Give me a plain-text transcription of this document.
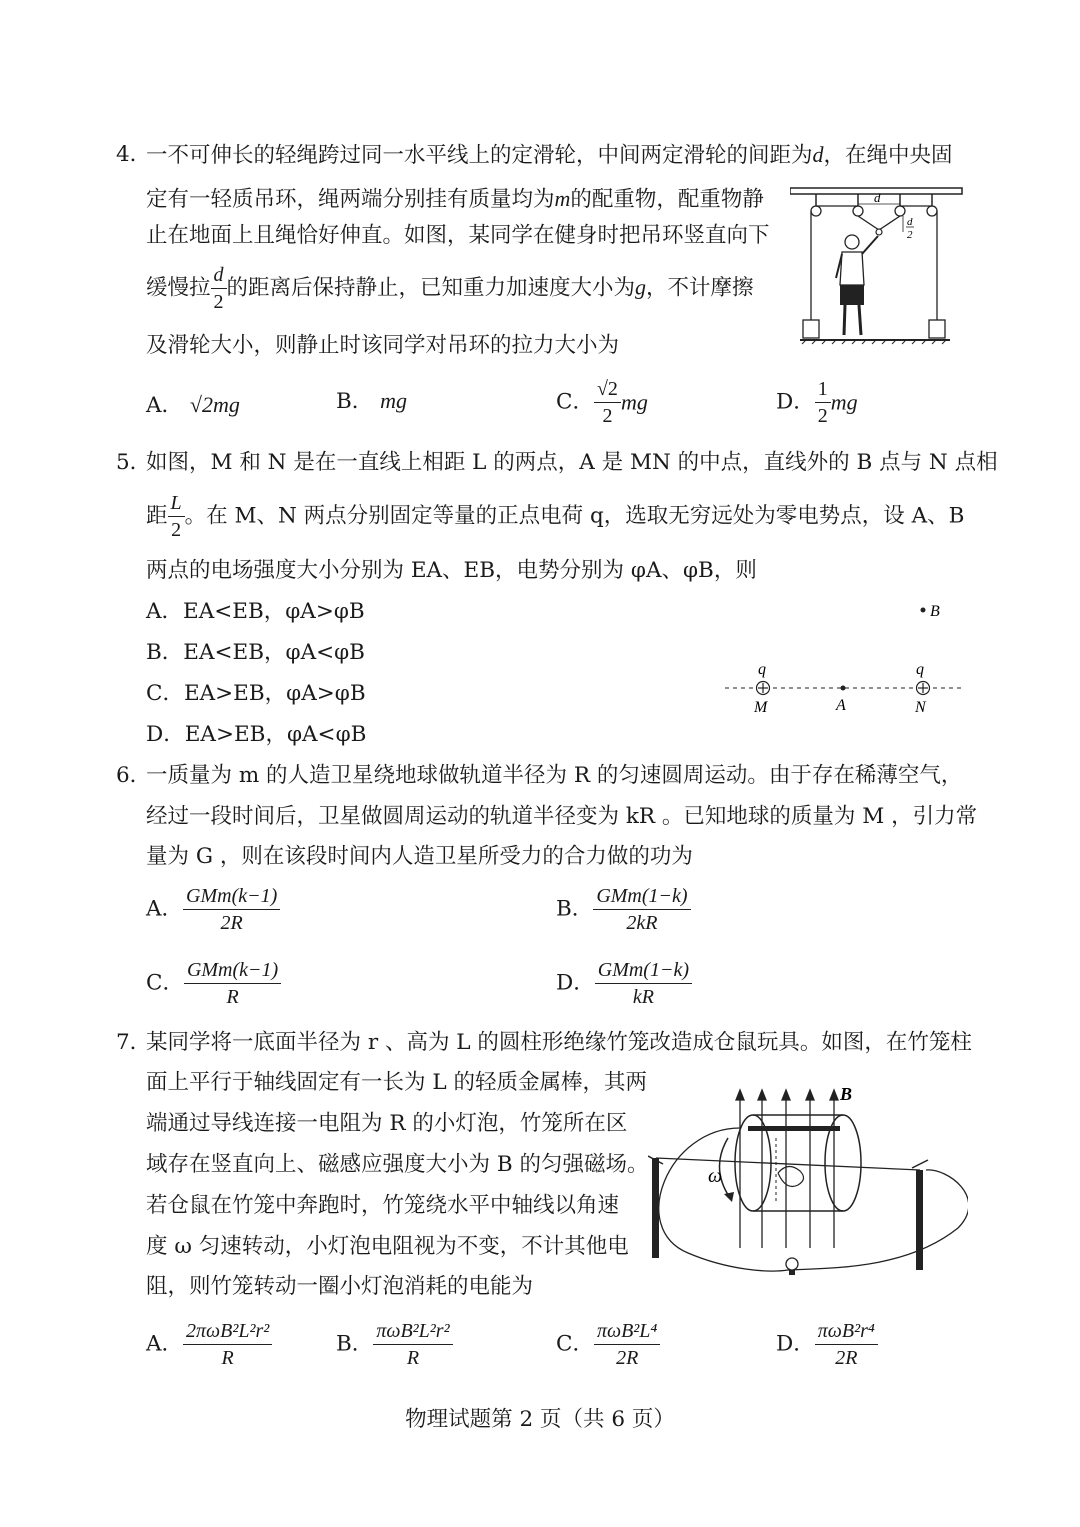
4．
一不可伸长的轻绳跨过同一水平线上的定滑轮，中间两定滑轮的间距为d，在绳中央固
定有一轻质吊环，绳两端分别挂有质量均为m的配重物，配重物静
止在地面上且绳恰好伸直。如图，某同学在健身时把吊环竖直向下
缓慢拉 $\frac{d}{2}$ 的距离后保持静止，已知重力加速度大小为g，不计摩擦
及滑轮大小，则静止时该同学对吊环的拉力大小为
A． √2mg	B． mg	C． $\frac{√2}{2}$ mg	D． $\frac{1}{2}$ mg
d
d
2
5．
如图，M 和 N 是在一直线上相距 L 的两点，A 是 MN 的中点，直线外的 B 点与 N 点相
距 $\frac{L}{2}$ 。在 M、N 两点分别固定等量的正点电荷 q，选取无穷远处为零电势点，设 A、B
两点的电场强度大小分别为 EA、EB，电势分别为 φA、φB，则
A．EA<EB，φA>φB
B．EA<EB，φA<φB
C．EA>EB，φA>φB
D．EA>EB，φA<φB
B
q
M	A
q
N
6．
一质量为 m 的人造卫星绕地球做轨道半径为 R 的匀速圆周运动。由于存在稀薄空气，
经过一段时间后，卫星做圆周运动的轨道半径变为 kR 。已知地球的质量为 M ，引力常
量为 G ，则在该段时间内人造卫星所受力的合力做的功为
A． $\frac{\text{GMm(k−1)}}{2R}$	B． $\frac{\text{GMm(1−k)}}{2kR}$
C． $\frac{\text{GMm(k−1)}}{R}$	D． $\frac{\text{GMm(1−k)}}{kR}$
7．
某同学将一底面半径为 r 、高为 L 的圆柱形绝缘竹笼改造成仓鼠玩具。如图，在竹笼柱
面上平行于轴线固定有一长为 L 的轻质金属棒，其两
端通过导线连接一电阻为 R 的小灯泡，竹笼所在区
域存在竖直向上、磁感应强度大小为 B 的匀强磁场。
若仓鼠在竹笼中奔跑时，竹笼绕水平中轴线以角速
度 ω 匀速转动，小灯泡电阻视为不变，不计其他电
阻，则竹笼转动一圈小灯泡消耗的电能为
A． $\frac{\text{2πωB²L²r²}}{R}$	B． $\frac{\text{πωB²L²r²}}{R}$	C． $\frac{\text{πωB²L⁴}}{2R}$	D． $\frac{\text{πωB²r⁴}}{2R}$
B
ω
物理试题第 2 页（共 6 页）
